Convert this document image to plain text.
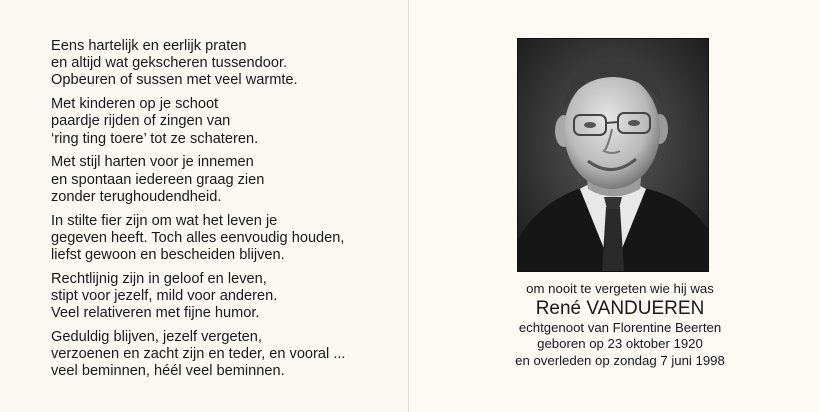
Eens hartelijk en eerlijk praten
en altijd wat gekscheren tussendoor.
Opbeuren of sussen met veel warmte.
Met kinderen op je schoot
paardje rijden of zingen van
‘ring ting toere’ tot ze schateren.
Met stijl harten voor je innemen
en spontaan iedereen graag zien
zonder terughoudendheid.
In stilte fier zijn om wat het leven je
gegeven heeft. Toch alles eenvoudig houden,
liefst gewoon en bescheiden blijven.
Rechtlijnig zijn in geloof en leven,
stipt voor jezelf, mild voor anderen.
Veel relativeren met fijne humor.
Geduldig blijven, jezelf vergeten,
verzoenen en zacht zijn en teder, en vooral ...
veel beminnen, héél veel beminnen.
om nooit te vergeten wie hij was
René VANDUEREN
echtgenoot van Florentine Beerten
geboren op 23 oktober 1920
en overleden op zondag 7 juni 1998
